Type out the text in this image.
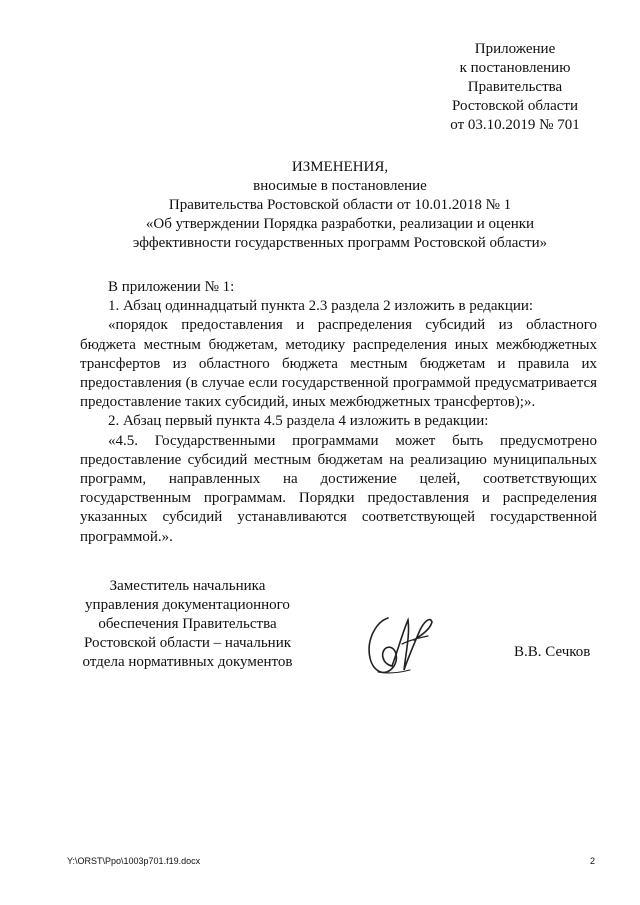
Приложение
к постановлению
Правительства
Ростовской области
от 03.10.2019 № 701
ИЗМЕНЕНИЯ,
вносимые в постановление
Правительства Ростовской области от 10.01.2018 № 1
«Об утверждении Порядка разработки, реализации и оценки
эффективности государственных программ Ростовской области»

В приложении № 1:

1. Абзац одиннадцатый пункта 2.3 раздела 2 изложить в редакции:

«порядок предоставления и распределения субсидий из областного бюджета местным бюджетам, методику распределения иных межбюджетных трансфертов из областного бюджета местным бюджетам и правила их предоставления (в случае если государственной программой предусматривается предоставление таких субсидий, иных межбюджетных трансфертов);».

2. Абзац первый пункта 4.5 раздела 4 изложить в редакции:

«4.5. Государственными программами может быть предусмотрено предоставление субсидий местным бюджетам на реализацию муниципальных программ, направленных на достижение целей, соответствующих государственным программам. Порядки предоставления и распределения указанных субсидий устанавливаются соответствующей государственной программой.».

Заместитель начальника
управления документационного
обеспечения Правительства
Ростовской области – начальник
отдела нормативных документов
В.В. Сечков
Y:\ORST\Ppo\1003p701.f19.docx	2
